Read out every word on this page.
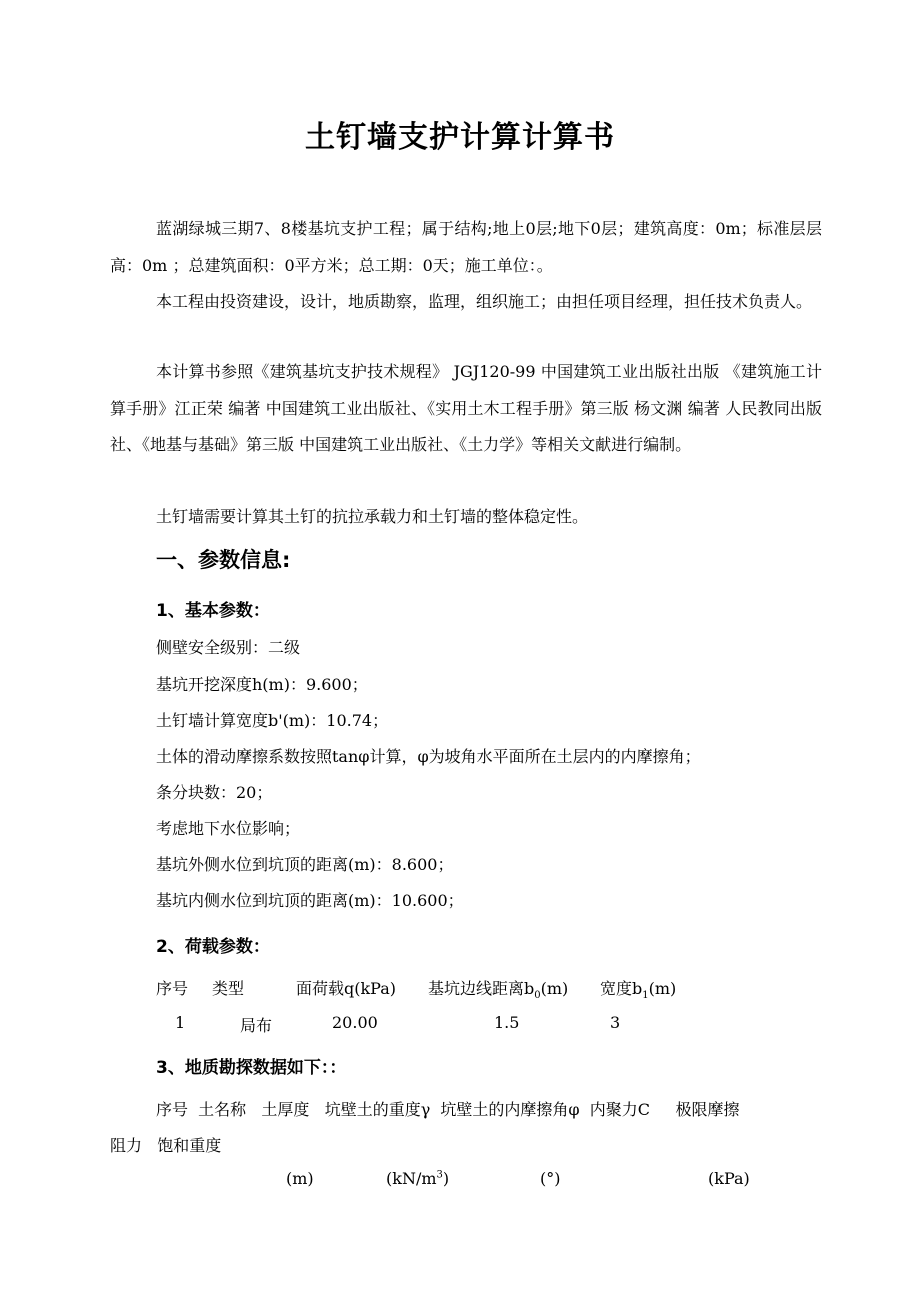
土钉墙支护计算计算书
蓝湖绿城三期7、8楼基坑支护工程；属于结构;地上0层;地下0层；建筑高度：0m；标准层层高：0m ；总建筑面积：0平方米；总工期：0天；施工单位：。
本工程由投资建设，设计，地质勘察，监理，组织施工；由担任项目经理，担任技术负责人。
本计算书参照《建筑基坑支护技术规程》 JGJ120-99 中国建筑工业出版社出版 《建筑施工计算手册》江正荣 编著 中国建筑工业出版社、《实用土木工程手册》第三版 杨文渊 编著 人民教同出版社、《地基与基础》第三版 中国建筑工业出版社、《土力学》等相关文献进行编制。
土钉墙需要计算其土钉的抗拉承载力和土钉墙的整体稳定性。
一、参数信息:
1、基本参数：
侧壁安全级别：二级
基坑开挖深度h(m)：9.600；
土钉墙计算宽度b'(m)：10.74；
土体的滑动摩擦系数按照tanφ计算，φ为坡角水平面所在土层内的内摩擦角；
条分块数：20；
考虑地下水位影响；
基坑外侧水位到坑顶的距离(m)：8.600；
基坑内侧水位到坑顶的距离(m)：10.600；
2、荷载参数：
序号 类型	面荷载q(kPa) 基坑边线距离$b_0(m)$ 宽度$b_1(m)$
1	局布	20.00	1.5	3
3、地质勘探数据如下：：
序号  土名称   土厚度   坑壁土的重度γ  坑壁土的内摩擦角φ  内聚力C     极限摩擦
阻力   饱和重度
(m)	$(kN/m^3)$	(°)	(kPa)
